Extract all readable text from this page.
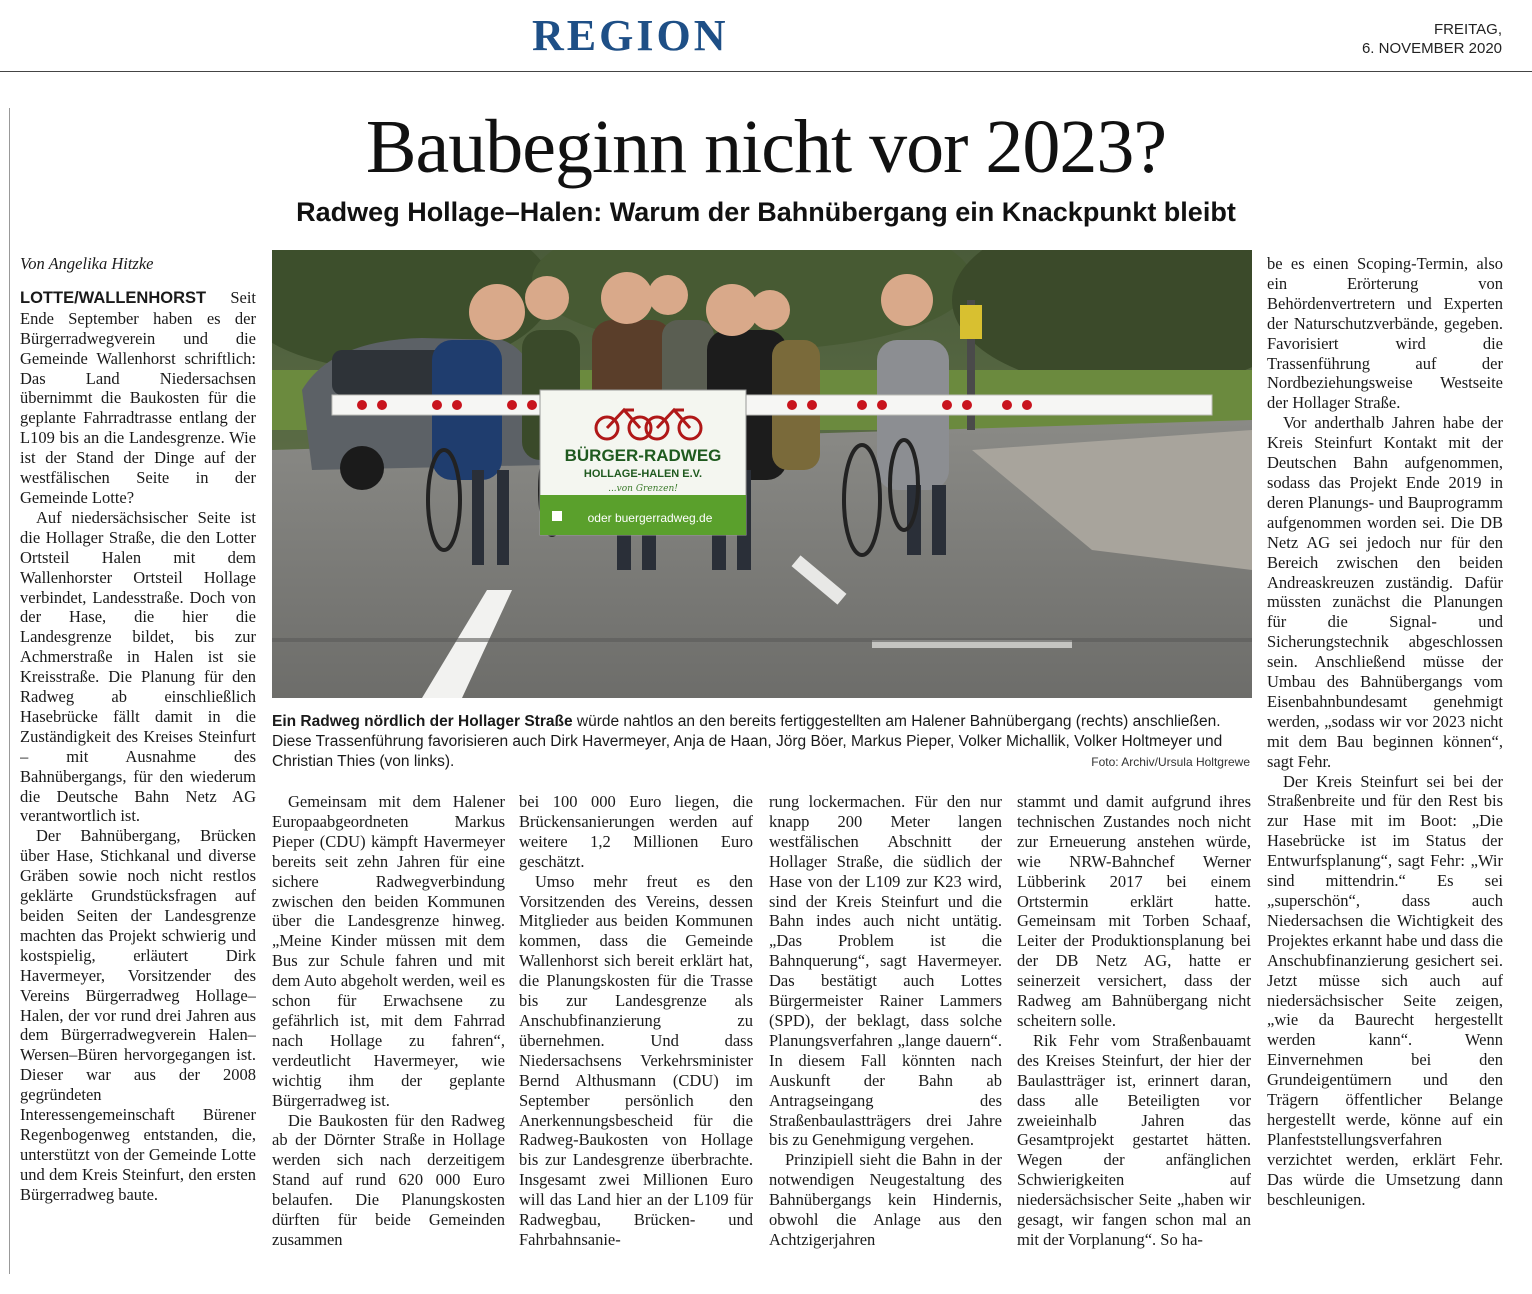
REGION	FREITAG,
6. NOVEMBER 2020
Baubeginn nicht vor 2023?
Radweg Hollage–Halen: Warum der Bahnübergang ein Knackpunkt bleibt

Von Angelika Hitzke

LOTTE/WALLENHORST Seit Ende September haben es der Bürgerradwegverein und die Gemeinde Wallenhorst schriftlich: Das Land Niedersachsen übernimmt die Baukosten für die geplante Fahrradtrasse entlang der L109 bis an die Landesgrenze. Wie ist der Stand der Dinge auf der westfälischen Seite in der Gemeinde Lotte?

Auf niedersächsischer Seite ist die Hollager Straße, die den Lotter Ortsteil Halen mit dem Wallenhorster Ortsteil Hollage verbindet, Landesstraße. Doch von der Hase, die hier die Landesgrenze bildet, bis zur Achmerstraße in Halen ist sie Kreisstraße. Die Planung für den Radweg ab einschließlich Hasebrücke fällt damit in die Zuständigkeit des Kreises Steinfurt – mit Ausnahme des Bahnübergangs, für den wiederum die Deutsche Bahn Netz AG verantwortlich ist.

Der Bahnübergang, Brücken über Hase, Stichkanal und diverse Gräben sowie noch nicht restlos geklärte Grundstücksfragen auf beiden Seiten der Landesgrenze machten das Projekt schwierig und kostspielig, erläutert Dirk Havermeyer, Vorsitzender des Vereins Bürgerradweg Hollage–Halen, der vor rund drei Jahren aus dem Bürgerradwegverein Halen–Wersen–Büren hervorgegangen ist. Dieser war aus der 2008 gegründeten Interessengemeinschaft Bürener Regenbogenweg entstanden, die, unterstützt von der Gemeinde Lotte und dem Kreis Steinfurt, den ersten Bürgerradweg baute.

BÜRGER-RADWEG
HOLLAGE-HALEN E.V.
...von Grenzen!
oder buergerradweg.de
Ein Radweg nördlich der Hollager Straße würde nahtlos an den bereits fertiggestellten am Halener Bahnübergang (rechts) anschließen. Diese Trassenführung favorisieren auch Dirk Havermeyer, Anja de Haan, Jörg Böer, Markus Pieper, Volker Michallik, Volker Holtmeyer und Christian Thies (von links).	Foto: Archiv/Ursula Holtgrewe

Gemeinsam mit dem Halener Europaabgeordneten Markus Pieper (CDU) kämpft Havermeyer bereits seit zehn Jahren für eine sichere Radwegverbindung zwischen den beiden Kommunen über die Landesgrenze hinweg. „Meine Kinder müssen mit dem Bus zur Schule fahren und mit dem Auto abgeholt werden, weil es schon für Erwachsene zu gefährlich ist, mit dem Fahrrad nach Hollage zu fahren“, verdeutlicht Havermeyer, wie wichtig ihm der geplante Bürgerradweg ist.

Die Baukosten für den Radweg ab der Dörnter Straße in Hollage werden sich nach derzeitigem Stand auf rund 620 000 Euro belaufen. Die Planungskosten dürften für beide Gemeinden zusammen

bei 100 000 Euro liegen, die Brückensanierungen werden auf weitere 1,2 Millionen Euro geschätzt.

Umso mehr freut es den Vorsitzenden des Vereins, dessen Mitglieder aus beiden Kommunen kommen, dass die Gemeinde Wallenhorst sich bereit erklärt hat, die Planungskosten für die Trasse bis zur Landesgrenze als Anschubfinanzierung zu übernehmen. Und dass Niedersachsens Verkehrsminister Bernd Althusmann (CDU) im September persönlich den Anerkennungsbescheid für die Radweg-Baukosten von Hollage bis zur Landesgrenze überbrachte. Insgesamt zwei Millionen Euro will das Land hier an der L109 für Radwegbau, Brücken- und Fahrbahnsanie-

rung lockermachen. Für den nur knapp 200 Meter langen westfälischen Abschnitt der Hollager Straße, die südlich der Hase von der L109 zur K23 wird, sind der Kreis Steinfurt und die Bahn indes auch nicht untätig. „Das Problem ist die Bahnquerung“, sagt Havermeyer. Das bestätigt auch Lottes Bürgermeister Rainer Lammers (SPD), der beklagt, dass solche Planungsverfahren „lange dauern“. In diesem Fall könnten nach Auskunft der Bahn ab Antragseingang des Straßenbaulastträgers drei Jahre bis zu Genehmigung vergehen.

Prinzipiell sieht die Bahn in der notwendigen Neugestaltung des Bahnübergangs kein Hindernis, obwohl die Anlage aus den Achtzigerjahren

stammt und damit aufgrund ihres technischen Zustandes noch nicht zur Erneuerung anstehen würde, wie NRW-Bahnchef Werner Lübberink 2017 bei einem Ortstermin erklärt hatte. Gemeinsam mit Torben Schaaf, Leiter der Produktionsplanung bei der DB Netz AG, hatte er seinerzeit versichert, dass der Radweg am Bahnübergang nicht scheitern solle.

Rik Fehr vom Straßenbauamt des Kreises Steinfurt, der hier der Baulastträger ist, erinnert daran, dass alle Beteiligten vor zweieinhalb Jahren das Gesamtprojekt gestartet hätten. Wegen der anfänglichen Schwierigkeiten auf niedersächsischer Seite „haben wir gesagt, wir fangen schon mal an mit der Vorplanung“. So ha-

be es einen Scoping-Termin, also ein Erörterung von Behördenvertretern und Experten der Naturschutzverbände, gegeben. Favorisiert wird die Trassenführung auf der Nordbeziehungsweise Westseite der Hollager Straße.

Vor anderthalb Jahren habe der Kreis Steinfurt Kontakt mit der Deutschen Bahn aufgenommen, sodass das Projekt Ende 2019 in deren Planungs- und Bauprogramm aufgenommen worden sei. Die DB Netz AG sei jedoch nur für den Bereich zwischen den beiden Andreaskreuzen zuständig. Dafür müssten zunächst die Planungen für die Signal- und Sicherungstechnik abgeschlossen sein. Anschließend müsse der Umbau des Bahnübergangs vom Eisenbahnbundesamt genehmigt werden, „sodass wir vor 2023 nicht mit dem Bau beginnen können“, sagt Fehr.

Der Kreis Steinfurt sei bei der Straßenbreite und für den Rest bis zur Hase mit im Boot: „Die Hasebrücke ist im Status der Entwurfsplanung“, sagt Fehr: „Wir sind mittendrin.“ Es sei „superschön“, dass auch Niedersachsen die Wichtigkeit des Projektes erkannt habe und dass die Anschubfinanzierung gesichert sei. Jetzt müsse sich auch auf niedersächsischer Seite zeigen, „wie da Baurecht hergestellt werden kann“. Wenn Einvernehmen bei den Grundeigentümern und den Trägern öffentlicher Belange hergestellt werde, könne auf ein Planfeststellungsverfahren verzichtet werden, erklärt Fehr. Das würde die Umsetzung dann beschleunigen.
